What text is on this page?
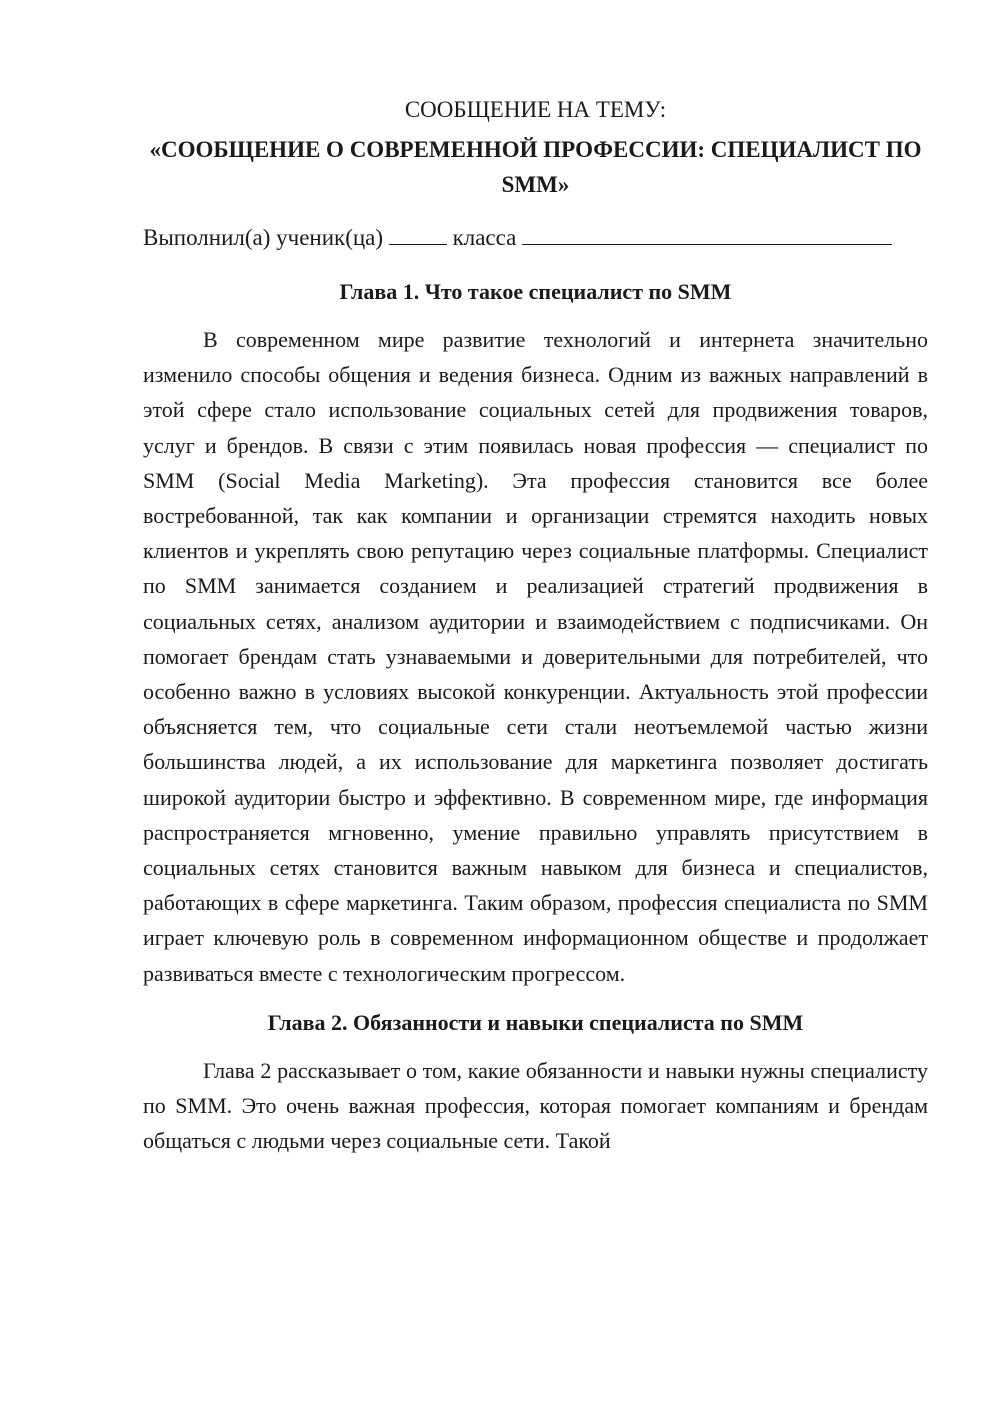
СООБЩЕНИЕ НА ТЕМУ:

«СООБЩЕНИЕ О СОВРЕМЕННОЙ ПРОФЕССИИ: СПЕЦИАЛИСТ ПО SMM»

Выполнил(а) ученик(ца)	класса

Глава 1. Что такое специалист по SMM

В современном мире развитие технологий и интернета значительно изменило способы общения и ведения бизнеса. Одним из важных направлений в этой сфере стало использование социальных сетей для продвижения товаров, услуг и брендов. В связи с этим появилась новая профессия — специалист по SMM (Social Media Marketing). Эта профессия становится все более востребованной, так как компании и организации стремятся находить новых клиентов и укреплять свою репутацию через социальные платформы. Специалист по SMM занимается созданием и реализацией стратегий продвижения в социальных сетях, анализом аудитории и взаимодействием с подписчиками. Он помогает брендам стать узнаваемыми и доверительными для потребителей, что особенно важно в условиях высокой конкуренции. Актуальность этой профессии объясняется тем, что социальные сети стали неотъемлемой частью жизни большинства людей, а их использование для маркетинга позволяет достигать широкой аудитории быстро и эффективно. В современном мире, где информация распространяется мгновенно, умение правильно управлять присутствием в социальных сетях становится важным навыком для бизнеса и специалистов, работающих в сфере маркетинга. Таким образом, профессия специалиста по SMM играет ключевую роль в современном информационном обществе и продолжает развиваться вместе с технологическим прогрессом.

Глава 2. Обязанности и навыки специалиста по SMM

Глава 2 рассказывает о том, какие обязанности и навыки нужны специалисту по SMM. Это очень важная профессия, которая помогает компаниям и брендам общаться с людьми через социальные сети. Такой
